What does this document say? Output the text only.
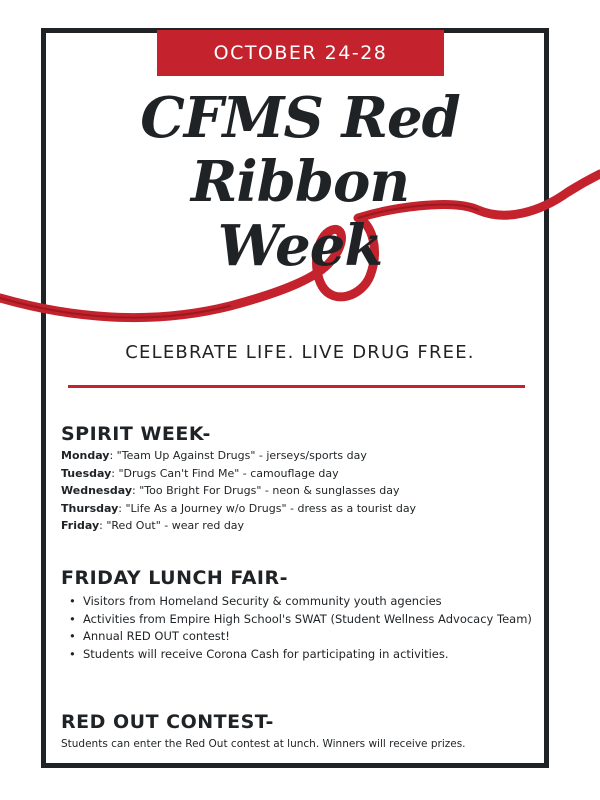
OCTOBER 24-28
CFMS Red Ribbon
Week
CELEBRATE LIFE. LIVE DRUG FREE.
SPIRIT WEEK-
Monday: "Team Up Against Drugs" - jerseys/sports day
Tuesday: "Drugs Can't Find Me" - camouflage day
Wednesday: "Too Bright For Drugs" - neon & sunglasses day
Thursday: "Life As a Journey w/o Drugs" - dress as a tourist day
Friday: "Red Out" - wear red day
FRIDAY LUNCH FAIR-
• Visitors from Homeland Security & community youth agencies
• Activities from Empire High School's SWAT (Student Wellness Advocacy Team)
• Annual RED OUT contest!
• Students will receive Corona Cash for participating in activities.
RED OUT CONTEST-
Students can enter the Red Out contest at lunch. Winners will receive prizes.
